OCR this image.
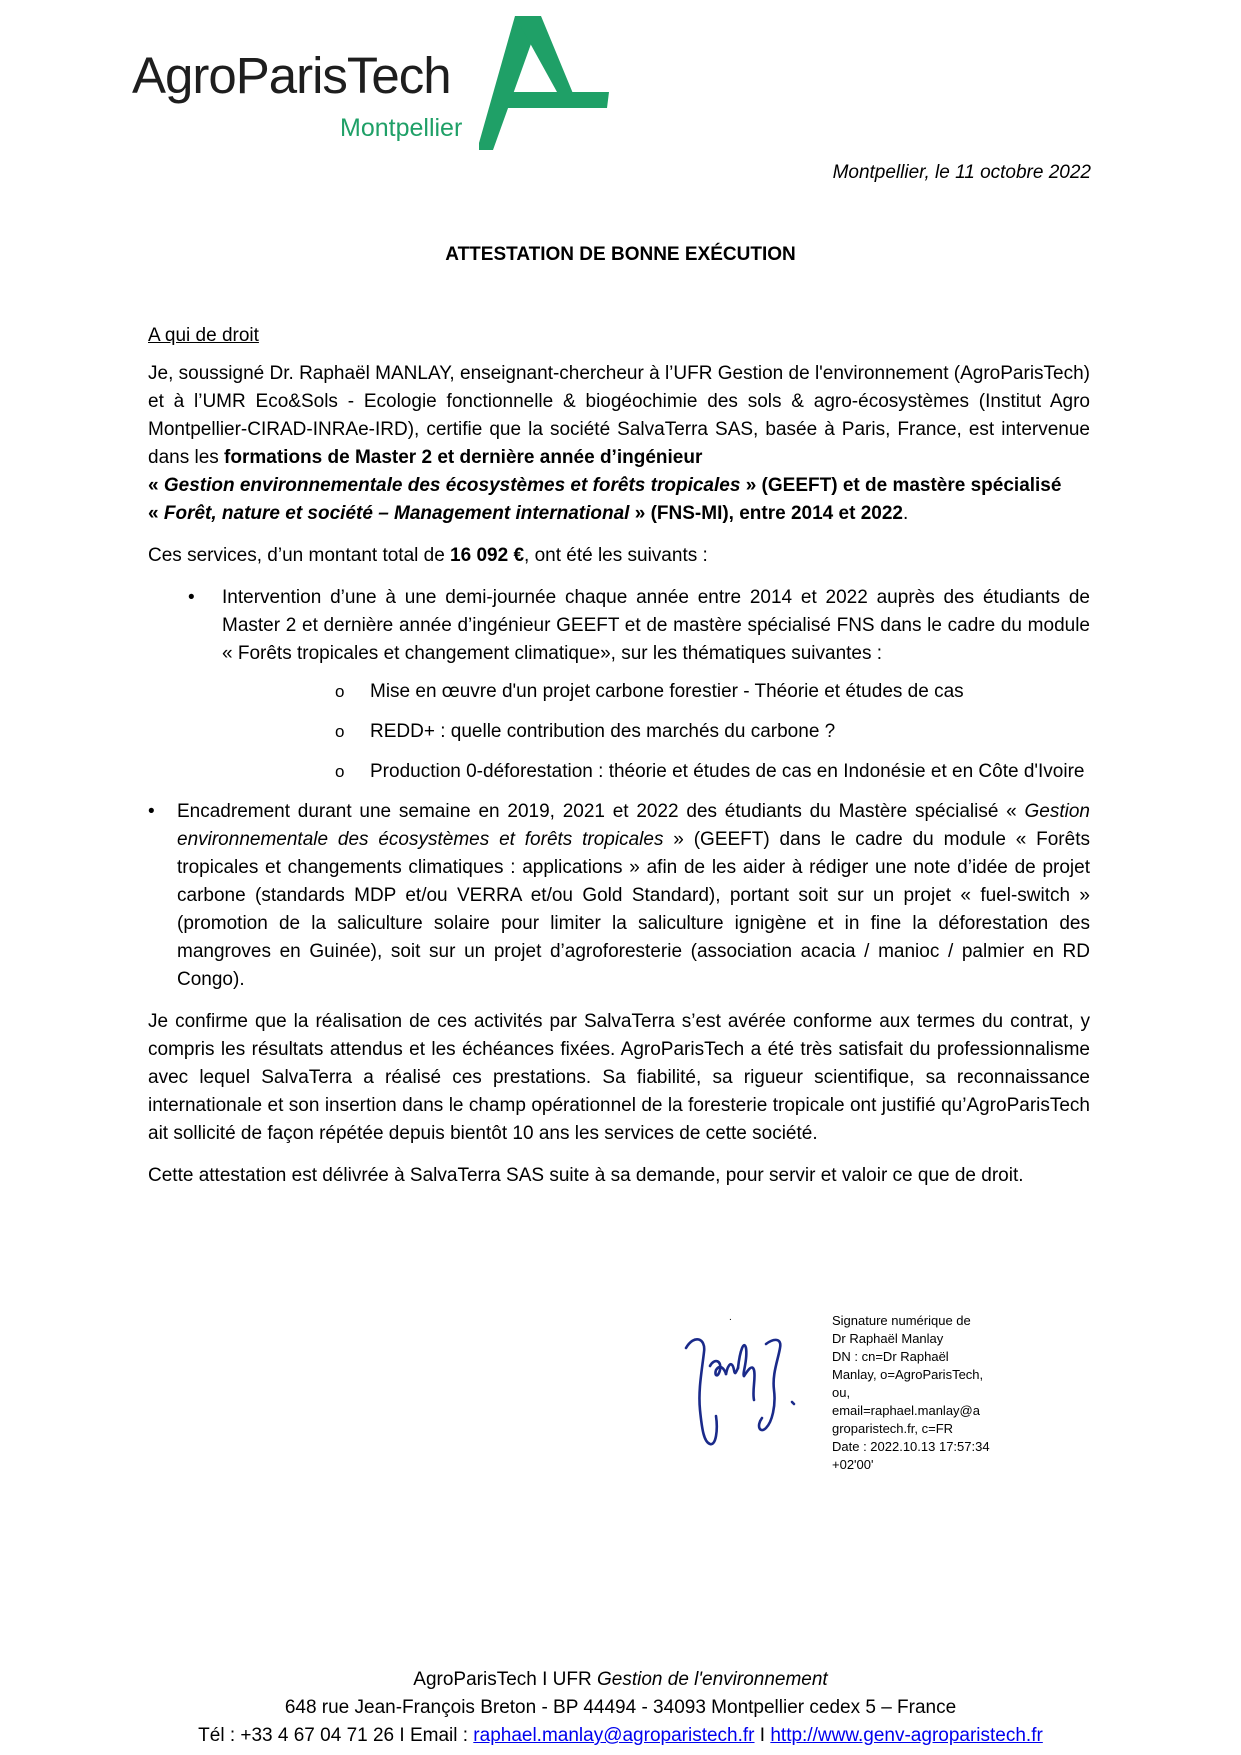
AgroParisTech
Montpellier
Montpellier, le 11 octobre 2022
ATTESTATION DE BONNE EXÉCUTION

A qui de droit

Je, soussigné Dr. Raphaël MANLAY, enseignant-chercheur à l’UFR Gestion de l'environnement (AgroParisTech) et à l’UMR Eco&Sols - Ecologie fonctionnelle & biogéochimie des sols & agro-écosystèmes (Institut Agro Montpellier-CIRAD-INRAe-IRD), certifie que la société SalvaTerra SAS, basée à Paris, France, est intervenue dans les formations de Master 2 et dernière année d’ingénieur
« Gestion environnementale des écosystèmes et forêts tropicales » (GEEFT) et de mastère spécialisé
« Forêt, nature et société – Management international » (FNS-MI), entre 2014 et 2022.

Ces services, d’un montant total de 16 092 €, ont été les suivants :

• Intervention d’une à une demi-journée chaque année entre 2014 et 2022 auprès des étudiants de Master 2 et dernière année d’ingénieur GEEFT et de mastère spécialisé FNS dans le cadre du module « Forêts tropicales et changement climatique», sur les thématiques suivantes :
o Mise en œuvre d'un projet carbone forestier - Théorie et études de cas
o REDD+ : quelle contribution des marchés du carbone ?
o Production 0-déforestation : théorie et études de cas en Indonésie et en Côte d'Ivoire
• Encadrement durant une semaine en 2019, 2021 et 2022 des étudiants du Mastère spécialisé « Gestion environnementale des écosystèmes et forêts tropicales » (GEEFT) dans le cadre du module « Forêts tropicales et changements climatiques : applications » afin de les aider à rédiger une note d’idée de projet carbone (standards MDP et/ou VERRA et/ou Gold Standard), portant soit sur un projet « fuel-switch » (promotion de la saliculture solaire pour limiter la saliculture ignigène et in fine la déforestation des mangroves en Guinée), soit sur un projet d’agroforesterie (association acacia / manioc / palmier en RD Congo).

Je confirme que la réalisation de ces activités par SalvaTerra s’est avérée conforme aux termes du contrat, y compris les résultats attendus et les échéances fixées. AgroParisTech a été très satisfait du professionnalisme avec lequel SalvaTerra a réalisé ces prestations. Sa fiabilité, sa rigueur scientifique, sa reconnaissance internationale et son insertion dans le champ opérationnel de la foresterie tropicale ont justifié qu’AgroParisTech ait sollicité de façon répétée depuis bientôt 10 ans les services de cette société.

Cette attestation est délivrée à SalvaTerra SAS suite à sa demande, pour servir et valoir ce que de droit.

.	Signature numérique de
Dr Raphaël Manlay
DN : cn=Dr Raphaël
Manlay, o=AgroParisTech,
ou,
email=raphael.manlay@a
groparistech.fr, c=FR
Date : 2022.10.13 17:57:34
+02'00'
AgroParisTech I UFR Gestion de l'environnement
648 rue Jean-François Breton - BP 44494 - 34093 Montpellier cedex 5 – France
Tél : +33 4 67 04 71 26 I Email : raphael.manlay@agroparistech.fr I http://www.genv-agroparistech.fr
